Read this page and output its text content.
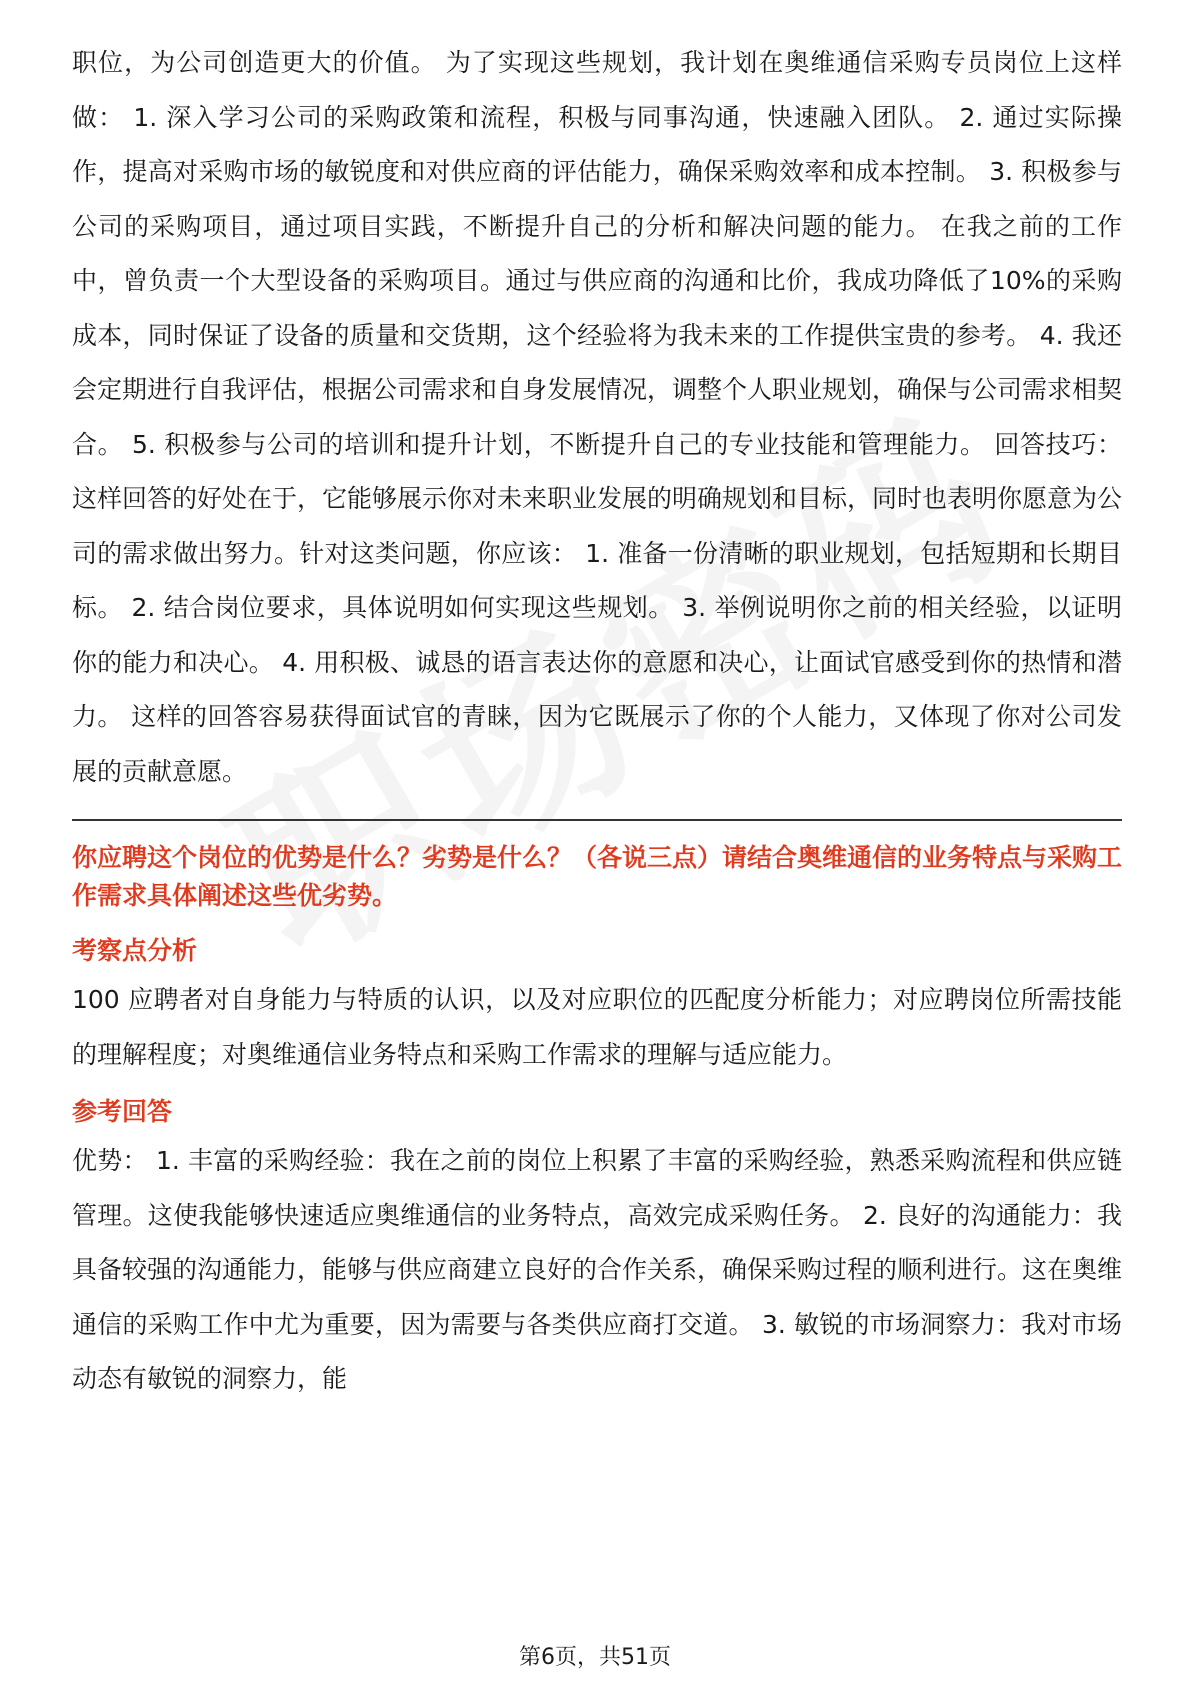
职位，为公司创造更大的价值。 为了实现这些规划，我计划在奥维通信采购专员岗位上这样做： 1. 深入学习公司的采购政策和流程，积极与同事沟通，快速融入团队。 2. 通过实际操作，提高对采购市场的敏锐度和对供应商的评估能力，确保采购效率和成本控制。 3. 积极参与公司的采购项目，通过项目实践，不断提升自己的分析和解决问题的能力。 在我之前的工作中，曾负责一个大型设备的采购项目。通过与供应商的沟通和比价，我成功降低了10%的采购成本，同时保证了设备的质量和交货期，这个经验将为我未来的工作提供宝贵的参考。 4. 我还会定期进行自我评估，根据公司需求和自身发展情况，调整个人职业规划，确保与公司需求相契合。 5. 积极参与公司的培训和提升计划，不断提升自己的专业技能和管理能力。 回答技巧： 这样回答的好处在于，它能够展示你对未来职业发展的明确规划和目标，同时也表明你愿意为公司的需求做出努力。针对这类问题，你应该： 1. 准备一份清晰的职业规划，包括短期和长期目标。 2. 结合岗位要求，具体说明如何实现这些规划。 3. 举例说明你之前的相关经验，以证明你的能力和决心。 4. 用积极、诚恳的语言表达你的意愿和决心，让面试官感受到你的热情和潜力。 这样的回答容易获得面试官的青睐，因为它既展示了你的个人能力，又体现了你对公司发展的贡献意愿。

你应聘这个岗位的优势是什么？劣势是什么？（各说三点）请结合奥维通信的业务特点与采购工作需求具体阐述这些优劣势。

考察点分析

100 应聘者对自身能力与特质的认识，以及对应职位的匹配度分析能力；对应聘岗位所需技能的理解程度；对奥维通信业务特点和采购工作需求的理解与适应能力。

参考回答

优势： 1. 丰富的采购经验：我在之前的岗位上积累了丰富的采购经验，熟悉采购流程和供应链管理。这使我能够快速适应奥维通信的业务特点，高效完成采购任务。 2. 良好的沟通能力：我具备较强的沟通能力，能够与供应商建立良好的合作关系，确保采购过程的顺利进行。这在奥维通信的采购工作中尤为重要，因为需要与各类供应商打交道。 3. 敏锐的市场洞察力：我对市场动态有敏锐的洞察力，能

第6页，共51页
